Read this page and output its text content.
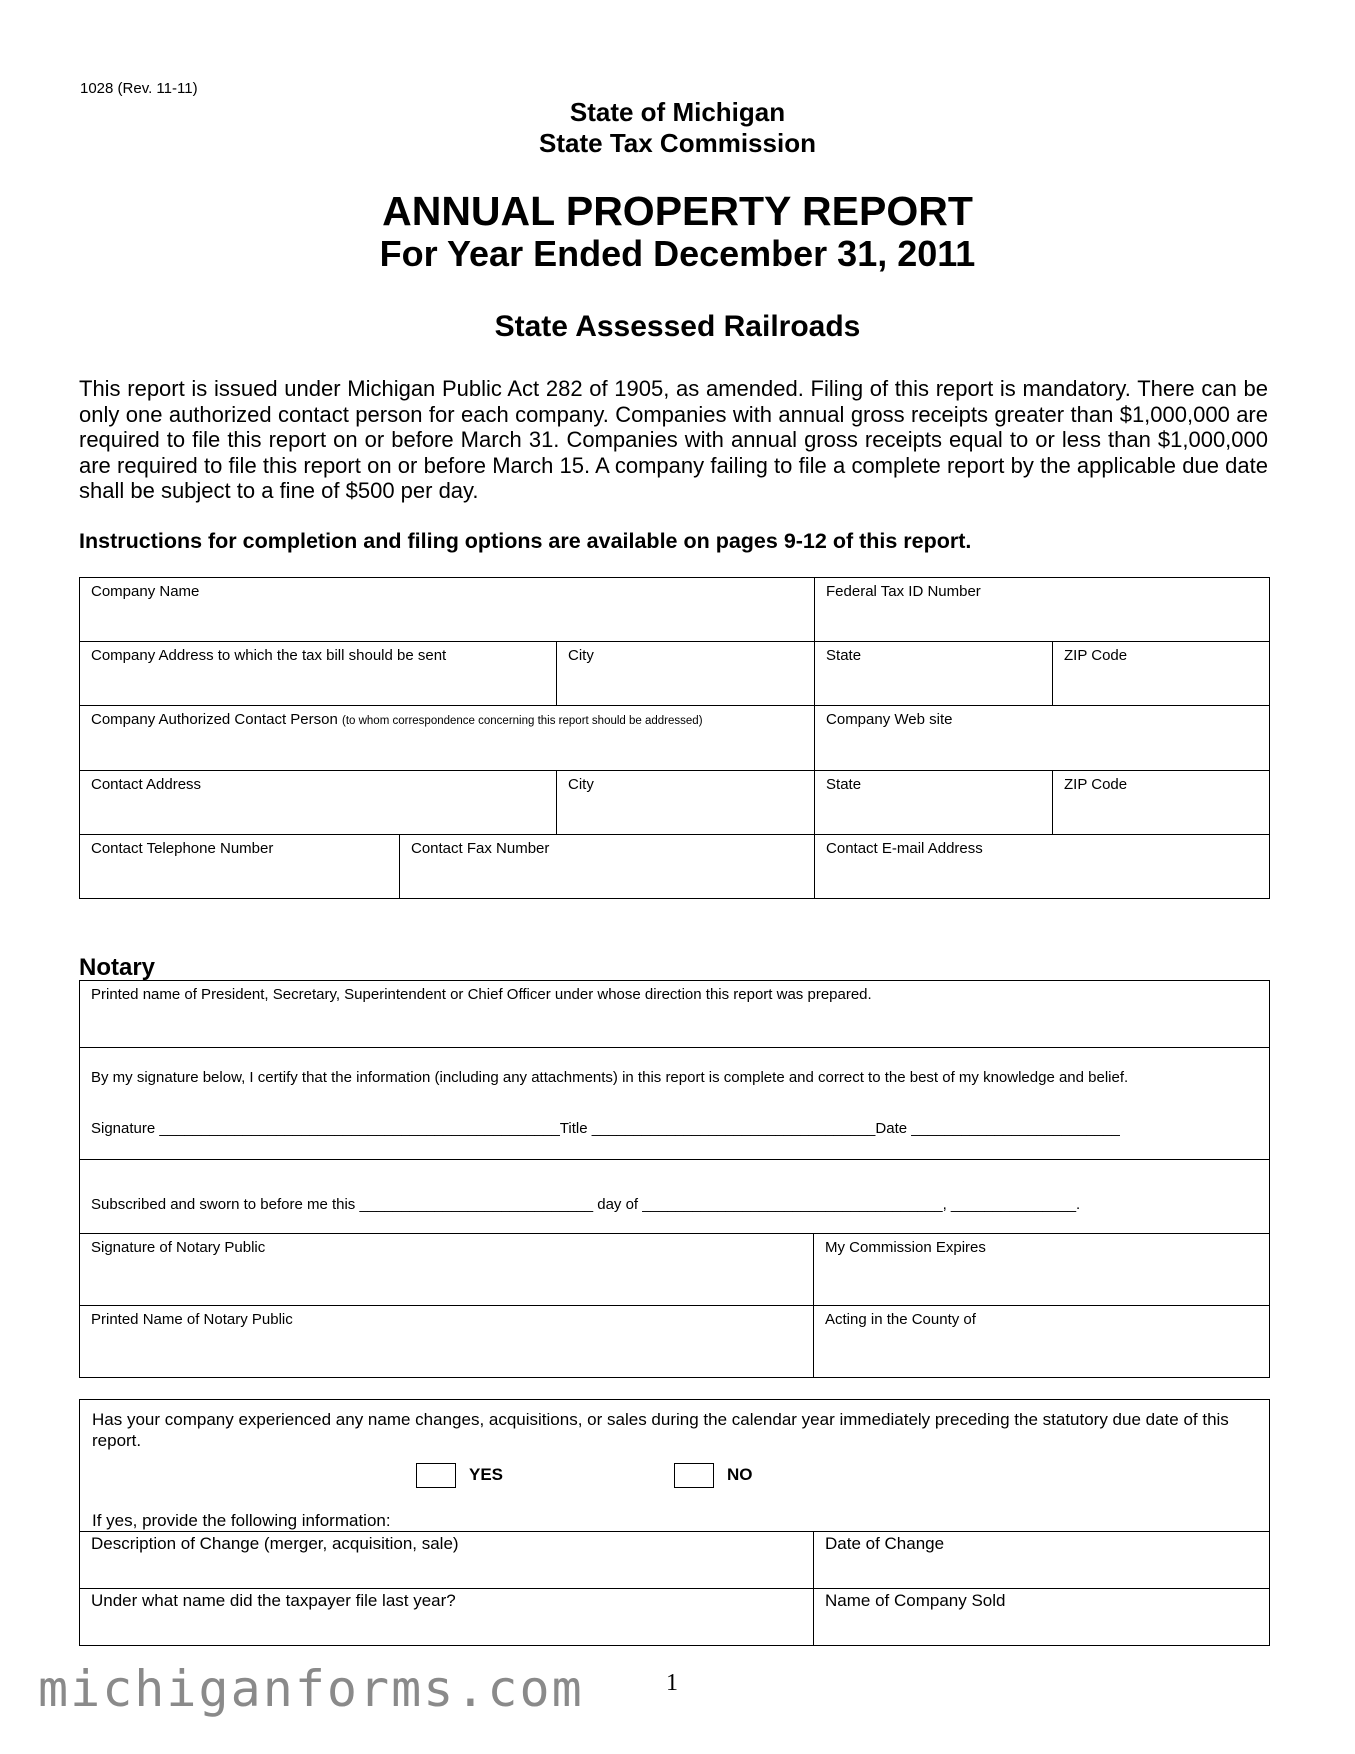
1028 (Rev. 11-11)
State of Michigan
State Tax Commission
ANNUAL PROPERTY REPORT
For Year Ended December 31, 2011
State Assessed Railroads
This report is issued under Michigan Public Act 282 of 1905, as amended. Filing of this report is mandatory. There can be only one authorized contact person for each company. Companies with annual gross receipts greater than $1,000,000 are required to file this report on or before March 31. Companies with annual gross receipts equal to or less than $1,000,000 are required to file this report on or before March 15. A company failing to file a complete report by the applicable due date shall be subject to a fine of $500 per day.
Instructions for completion and filing options are available on pages 9-12 of this report.
Company Name			Federal Tax ID Number	

Company Address to which the tax bill should be sent		City	State	ZIP Code

Company Authorized Contact Person (to whom correspondence concerning this report should be addressed)			Company Web site	

Contact Address		City	State	ZIP Code

Contact Telephone Number	Contact Fax Number		Contact E-mail Address	
Notary
Printed name of President, Secretary, Superintendent or Chief Officer under whose direction this report was prepared.	

By my signature below, I certify that the information (including any attachments) in this report is complete and correct to the best of my knowledge and belief.
Signature ________________________________________________Title __________________________________Date _________________________	

Subscribed and sworn to before me this ____________________________ day of ____________________________________, _______________.	

Signature of Notary Public	My Commission Expires

Printed Name of Notary Public	Acting in the County of
Has your company experienced any name changes, acquisitions, or sales during the calendar year immediately preceding the statutory due date of this report.
YES NO
If yes, provide the following information:	

Description of Change (merger, acquisition, sale)	Date of Change

Under what name did the taxpayer file last year?	Name of Company Sold
michiganforms.com	1
